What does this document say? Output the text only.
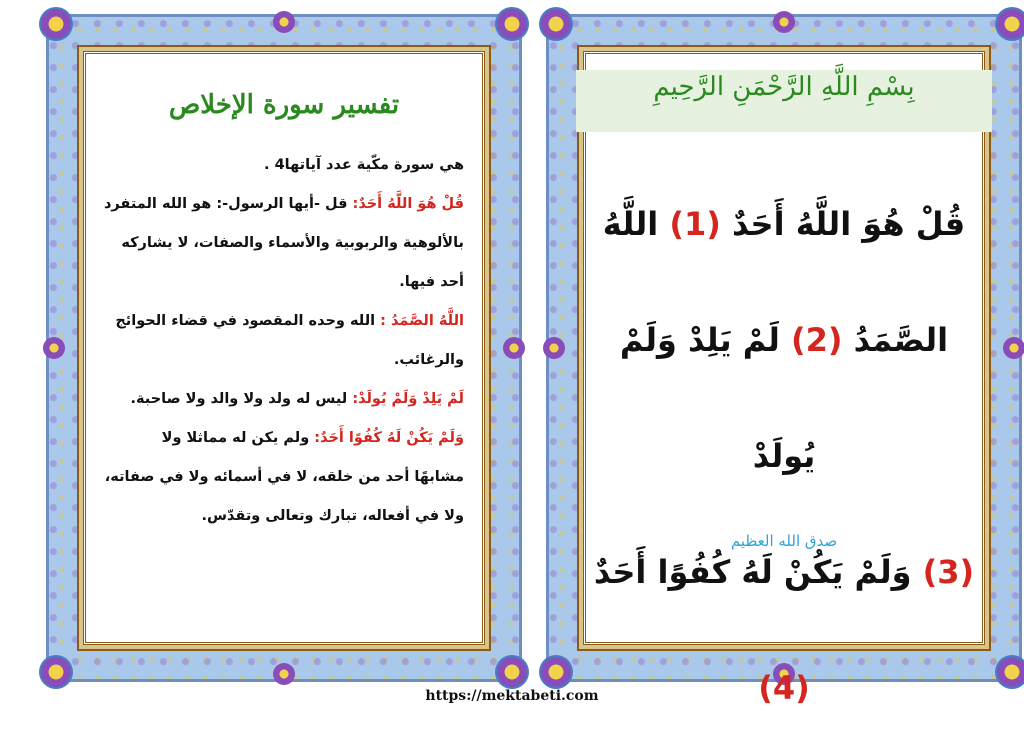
تفسير سورة الإخلاص

هي سورة مكّية عدد آياتها4 .

قُلْ هُوَ اللَّهُ أَحَدٌ: قل -أيها الرسول-: هو الله المتفرد

بالألوهية والربوبية والأسماء والصفات، لا يشاركه

أحد فيها.

اللَّهُ الصَّمَدُ : الله وحده المقصود في قضاء الحوائج

والرغائب.

لَمْ يَلِدْ وَلَمْ يُولَدْ: ليس له ولد ولا والد ولا صاحبة.

وَلَمْ يَكُنْ لَهُ كُفُوًا أَحَدٌ: ولم يكن له مماثلا ولا

مشابهًا أحد من خلقه، لا في أسمائه ولا في صفاته،

ولا في أفعاله، تبارك وتعالى وتقدّس.

بِسْمِ اللَّهِ الرَّحْمَنِ الرَّحِيمِ

قُلْ هُوَ اللَّهُ أَحَدٌ (1) اللَّهُ

الصَّمَدُ (2) لَمْ يَلِدْ وَلَمْ يُولَدْ

(3) وَلَمْ يَكُنْ لَهُ كُفُوًا أَحَدٌ (4)

صدق الله العظيم
https://mektabeti.com
